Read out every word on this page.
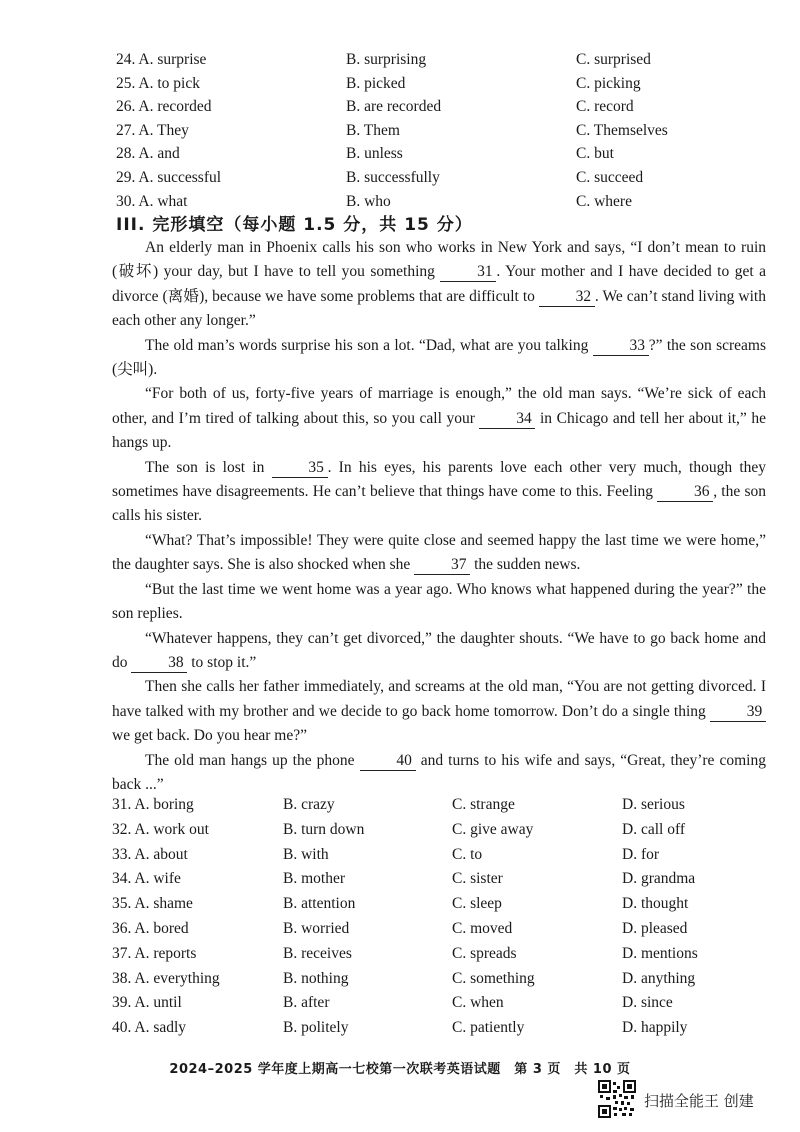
24. A. surprise	B. surprising	C. surprised
25. A. to pick	B. picked	C. picking
26. A. recorded	B. are recorded	C. record
27. A. They	B. Them	C. Themselves
28. A. and	B. unless	C. but
29. A. successful	B. successfully	C. succeed
30. A. what	B. who	C. where
III. 完形填空（每小题 1.5 分，共 15 分）

An elderly man in Phoenix calls his son who works in New York and says, “I don’t mean to ruin (破坏) your day, but I have to tell you something 31 . Your mother and I have decided to get a divorce (离婚), because we have some problems that are difficult to 32 . We can’t stand living with each other any longer.”

The old man’s words surprise his son a lot. “Dad, what are you talking 33 ?” the son screams (尖叫).

“For both of us, forty-five years of marriage is enough,” the old man says. “We’re sick of each other, and I’m tired of talking about this, so you call your 34 in Chicago and tell her about it,” he hangs up.

The son is lost in 35 . In his eyes, his parents love each other very much, though they sometimes have disagreements. He can’t believe that things have come to this. Feeling 36 , the son calls his sister.

“What? That’s impossible! They were quite close and seemed happy the last time we were home,” the daughter says. She is also shocked when she 37 the sudden news.

“But the last time we went home was a year ago. Who knows what happened during the year?” the son replies.

“Whatever happens, they can’t get divorced,” the daughter shouts. “We have to go back home and do 38 to stop it.”

Then she calls her father immediately, and screams at the old man, “You are not getting divorced. I have talked with my brother and we decide to go back home tomorrow. Don’t do a single thing 39 we get back. Do you hear me?”

The old man hangs up the phone 40 and turns to his wife and says, “Great, they’re coming back ...”

31. A. boring	B. crazy	C. strange	D. serious
32. A. work out	B. turn down	C. give away	D. call off
33. A. about	B. with	C. to	D. for
34. A. wife	B. mother	C. sister	D. grandma
35. A. shame	B. attention	C. sleep	D. thought
36. A. bored	B. worried	C. moved	D. pleased
37. A. reports	B. receives	C. spreads	D. mentions
38. A. everything	B. nothing	C. something	D. anything
39. A. until	B. after	C. when	D. since
40. A. sadly	B. politely	C. patiently	D. happily
2024–2025 学年度上期高一七校第一次联考英语试题　第 3 页　共 10 页
扫描全能王 创建
